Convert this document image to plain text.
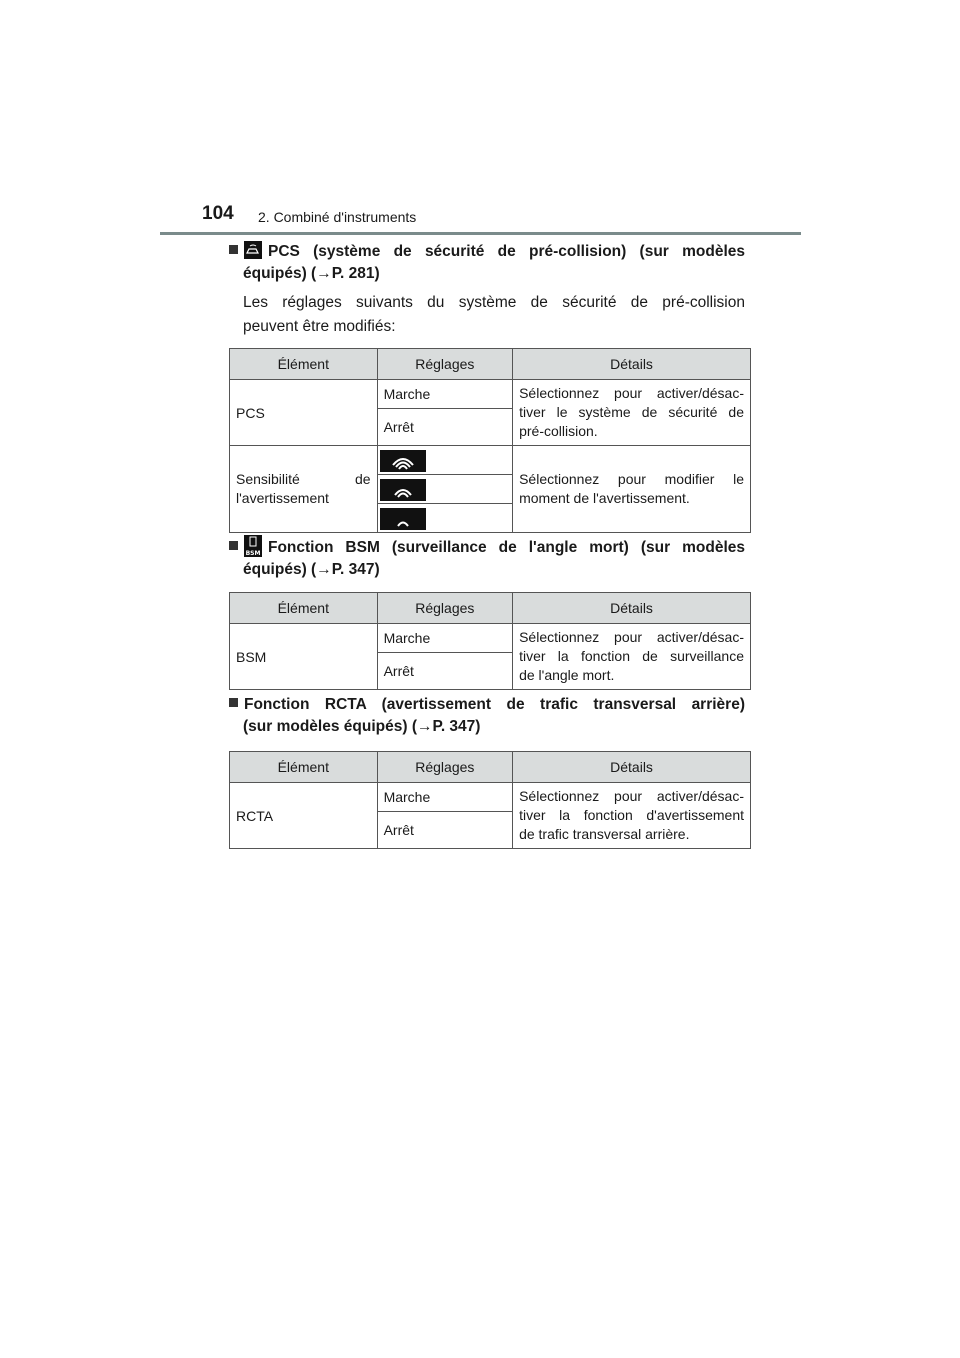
104 2. Combiné d'instruments
PCS (système de sécurité de pré-collision) (sur modèles
équipés) (→P. 281)
Les réglages suivants du système de sécurité de pré-collision
peuvent être modifiés:
Élément	Réglages	Détails
PCS	Marche	Sélectionnez pour activer/désac-
tiver le système de sécurité de
pré-collision.
	Arrêt	

Sensibilité de
l'avertissement		Sélectionnez pour modifier le
moment de l'avertissement.

BSM Fonction BSM (surveillance de l'angle mort) (sur modèles
équipés) (→P. 347)
Élément	Réglages	Détails
BSM	Marche	Sélectionnez pour activer/désac-
tiver la fonction de surveillance
de l'angle mort.
	Arrêt	
Fonction RCTA (avertissement de trafic transversal arrière)
(sur modèles équipés) (→P. 347)
Élément	Réglages	Détails
RCTA	Marche	Sélectionnez pour activer/désac-
tiver la fonction d'avertissement
de trafic transversal arrière.
	Arrêt	
